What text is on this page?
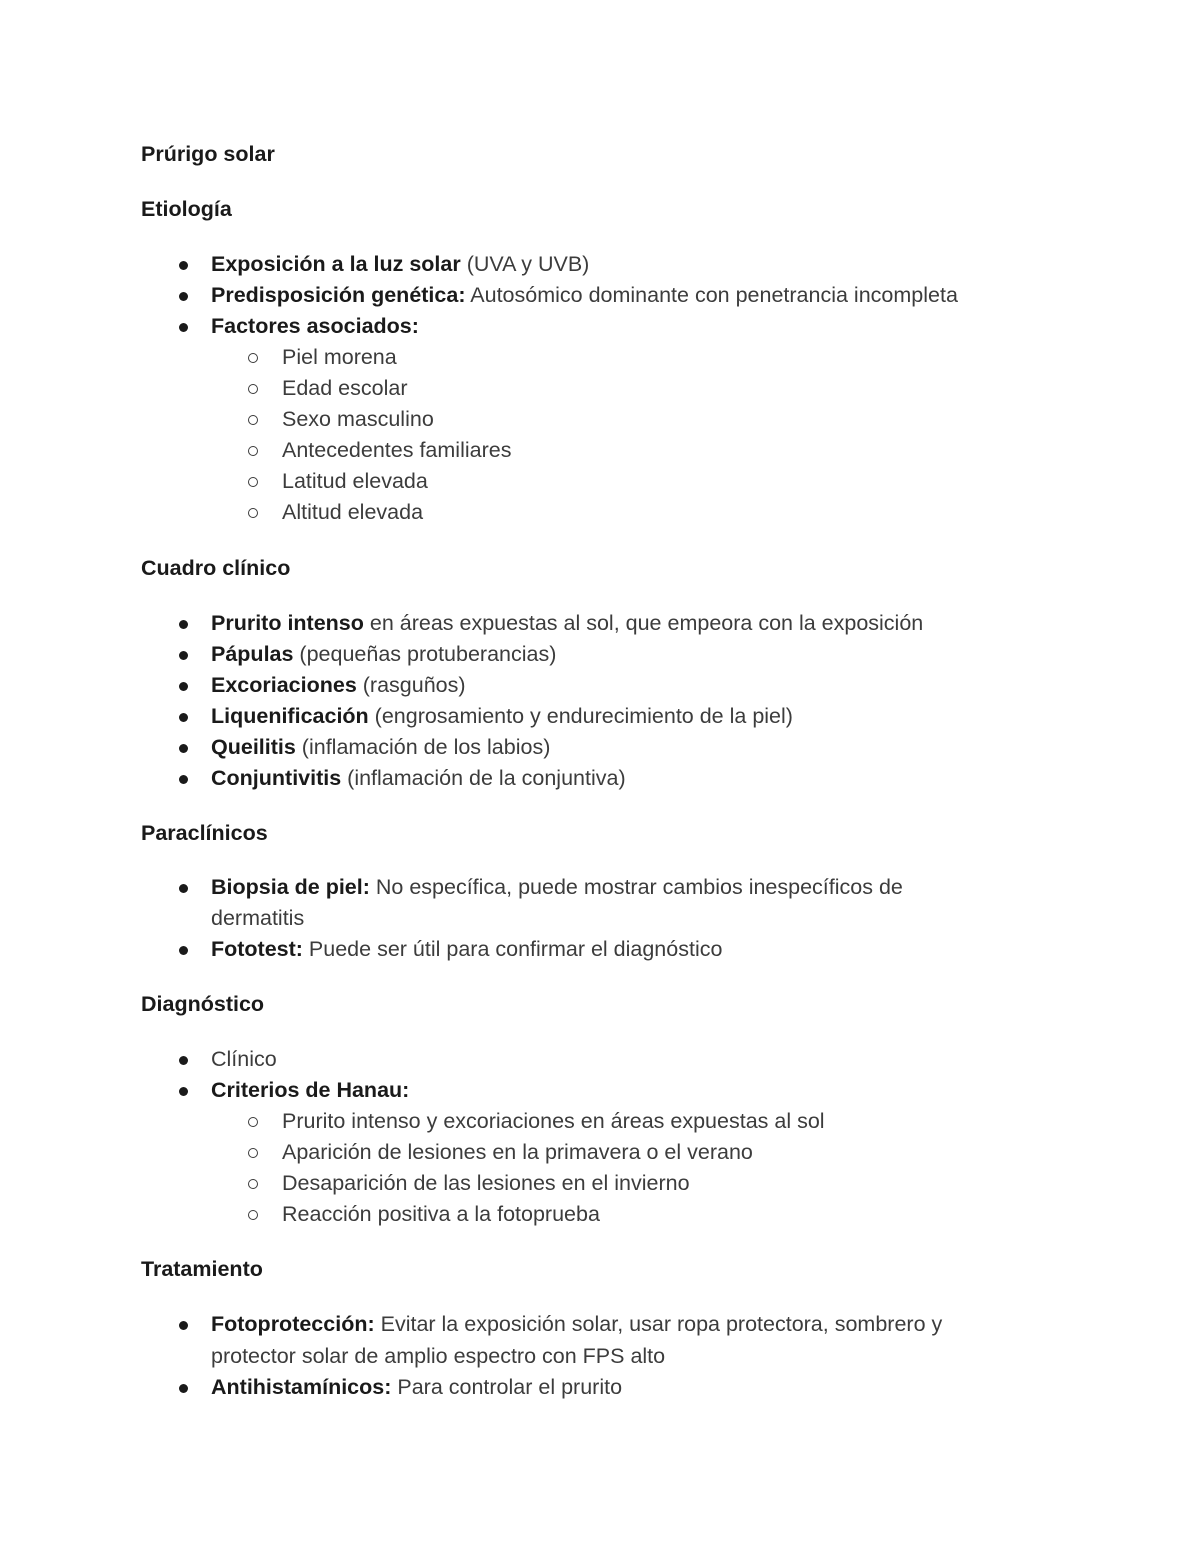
Prúrigo solar
Etiología
Exposición a la luz solar (UVA y UVB)
Predisposición genética: Autosómico dominante con penetrancia incompleta
Factores asociados:
Piel morena
Edad escolar
Sexo masculino
Antecedentes familiares
Latitud elevada
Altitud elevada
Cuadro clínico
Prurito intenso en áreas expuestas al sol, que empeora con la exposición
Pápulas (pequeñas protuberancias)
Excoriaciones (rasguños)
Liquenificación (engrosamiento y endurecimiento de la piel)
Queilitis (inflamación de los labios)
Conjuntivitis (inflamación de la conjuntiva)
Paraclínicos
Biopsia de piel: No específica, puede mostrar cambios inespecíficos de
dermatitis
Fototest: Puede ser útil para confirmar el diagnóstico
Diagnóstico
Clínico
Criterios de Hanau:
Prurito intenso y excoriaciones en áreas expuestas al sol
Aparición de lesiones en la primavera o el verano
Desaparición de las lesiones en el invierno
Reacción positiva a la fotoprueba
Tratamiento
Fotoprotección: Evitar la exposición solar, usar ropa protectora, sombrero y
protector solar de amplio espectro con FPS alto
Antihistamínicos: Para controlar el prurito
